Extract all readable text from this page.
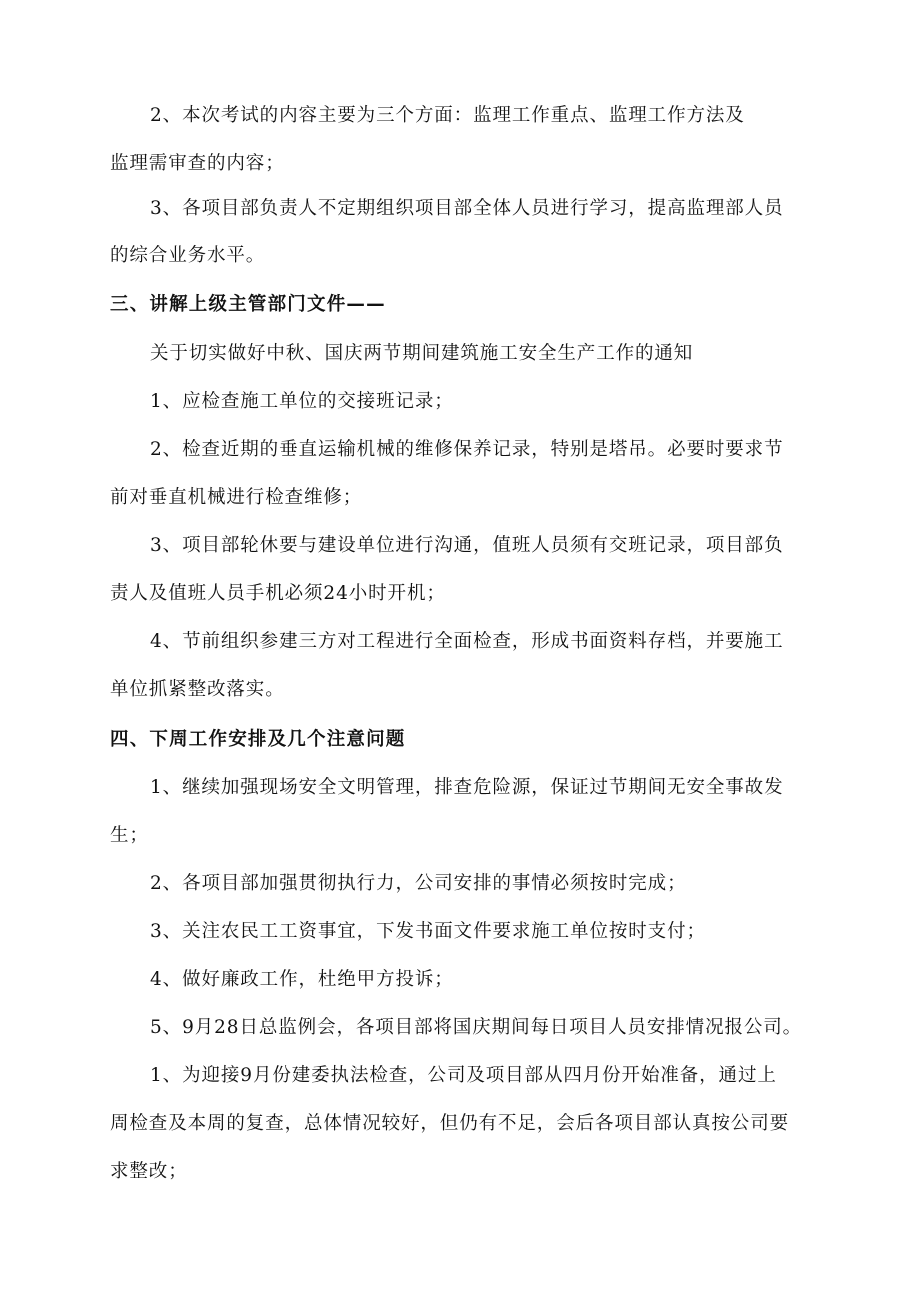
2、本次考试的内容主要为三个方面：监理工作重点、监理工作方法及
监理需审查的内容；
3、各项目部负责人不定期组织项目部全体人员进行学习，提高监理部人员
的综合业务水平。
三、讲解上级主管部门文件——
关于切实做好中秋、国庆两节期间建筑施工安全生产工作的通知
1、应检查施工单位的交接班记录；
2、检查近期的垂直运输机械的维修保养记录，特别是塔吊。必要时要求节
前对垂直机械进行检查维修；
3、项目部轮休要与建设单位进行沟通，值班人员须有交班记录，项目部负
责人及值班人员手机必须24小时开机；
4、节前组织参建三方对工程进行全面检查，形成书面资料存档，并要施工
单位抓紧整改落实。
四、下周工作安排及几个注意问题
1、继续加强现场安全文明管理，排查危险源，保证过节期间无安全事故发
生；
2、各项目部加强贯彻执行力，公司安排的事情必须按时完成；
3、关注农民工工资事宜，下发书面文件要求施工单位按时支付；
4、做好廉政工作，杜绝甲方投诉；
5、9月28日总监例会，各项目部将国庆期间每日项目人员安排情况报公司。
1、为迎接9月份建委执法检查，公司及项目部从四月份开始准备，通过上
周检查及本周的复查，总体情况较好，但仍有不足，会后各项目部认真按公司要
求整改；
